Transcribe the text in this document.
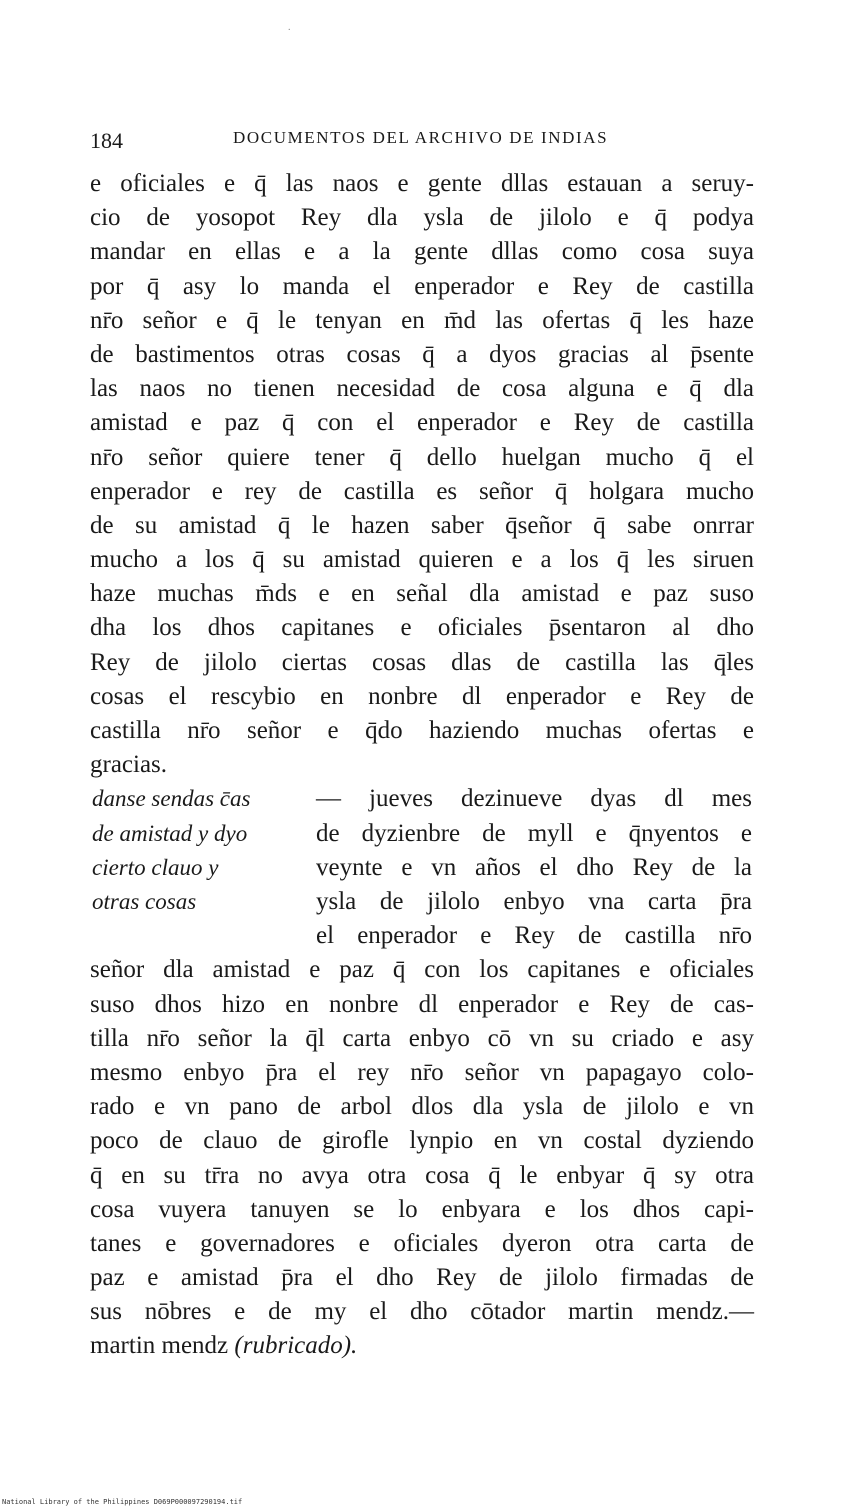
.
184	DOCUMENTOS DEL ARCHIVO DE INDIAS
e oficiales e q̄ las naos e gente dllas estauan a seruy-
cio de yosopot Rey dla ysla de jilolo e q̄ podya
mandar en ellas e a la gente dllas como cosa suya
por q̄ asy lo manda el enperador e Rey de castilla
nr̄o señor e q̄ le tenyan en m̄d las ofertas q̄ les haze
de bastimentos otras cosas q̄ a dyos gracias al p̄sente
las naos no tienen necesidad de cosa alguna e q̄ dla
amistad e paz q̄ con el enperador e Rey de castilla
nr̄o señor quiere tener q̄ dello huelgan mucho q̄ el
enperador e rey de castilla es señor q̄ holgara mucho
de su amistad q̄ le hazen saber q̄señor q̄ sabe onrrar
mucho a los q̄ su amistad quieren e a los q̄ les siruen
haze muchas m̄ds e en señal dla amistad e paz suso
dha los dhos capitanes e oficiales p̄sentaron al dho
Rey de jilolo ciertas cosas dlas de castilla las q̄les
cosas el rescybio en nonbre dl enperador e Rey de
castilla nr̄o señor e q̄do haziendo muchas ofertas e
gracias.
danse sendas c̄as
de amistad y dyo
cierto clauo y
otras cosas
— jueves dezinueve dyas dl mes
de dyzienbre de myll e q̄nyentos e
veynte e vn años el dho Rey de la
ysla de jilolo enbyo vna carta p̄ra
el enperador e Rey de castilla nr̄o
señor dla amistad e paz q̄ con los capitanes e oficiales
suso dhos hizo en nonbre dl enperador e Rey de cas-
tilla nr̄o señor la q̄l carta enbyo cō vn su criado e asy
mesmo enbyo p̄ra el rey nr̄o señor vn papagayo colo-
rado e vn pano de arbol dlos dla ysla de jilolo e vn
poco de clauo de girofle lynpio en vn costal dyziendo
q̄ en su tr̄ra no avya otra cosa q̄ le enbyar q̄ sy otra
cosa vuyera tanuyen se lo enbyara e los dhos capi-
tanes e governadores e oficiales dyeron otra carta de
paz e amistad p̄ra el dho Rey de jilolo firmadas de
sus nōbres e de my el dho cōtador martin mendz.—
martin mendz (rubricado).
National Library of the Philippines D069P000097290194.tif
